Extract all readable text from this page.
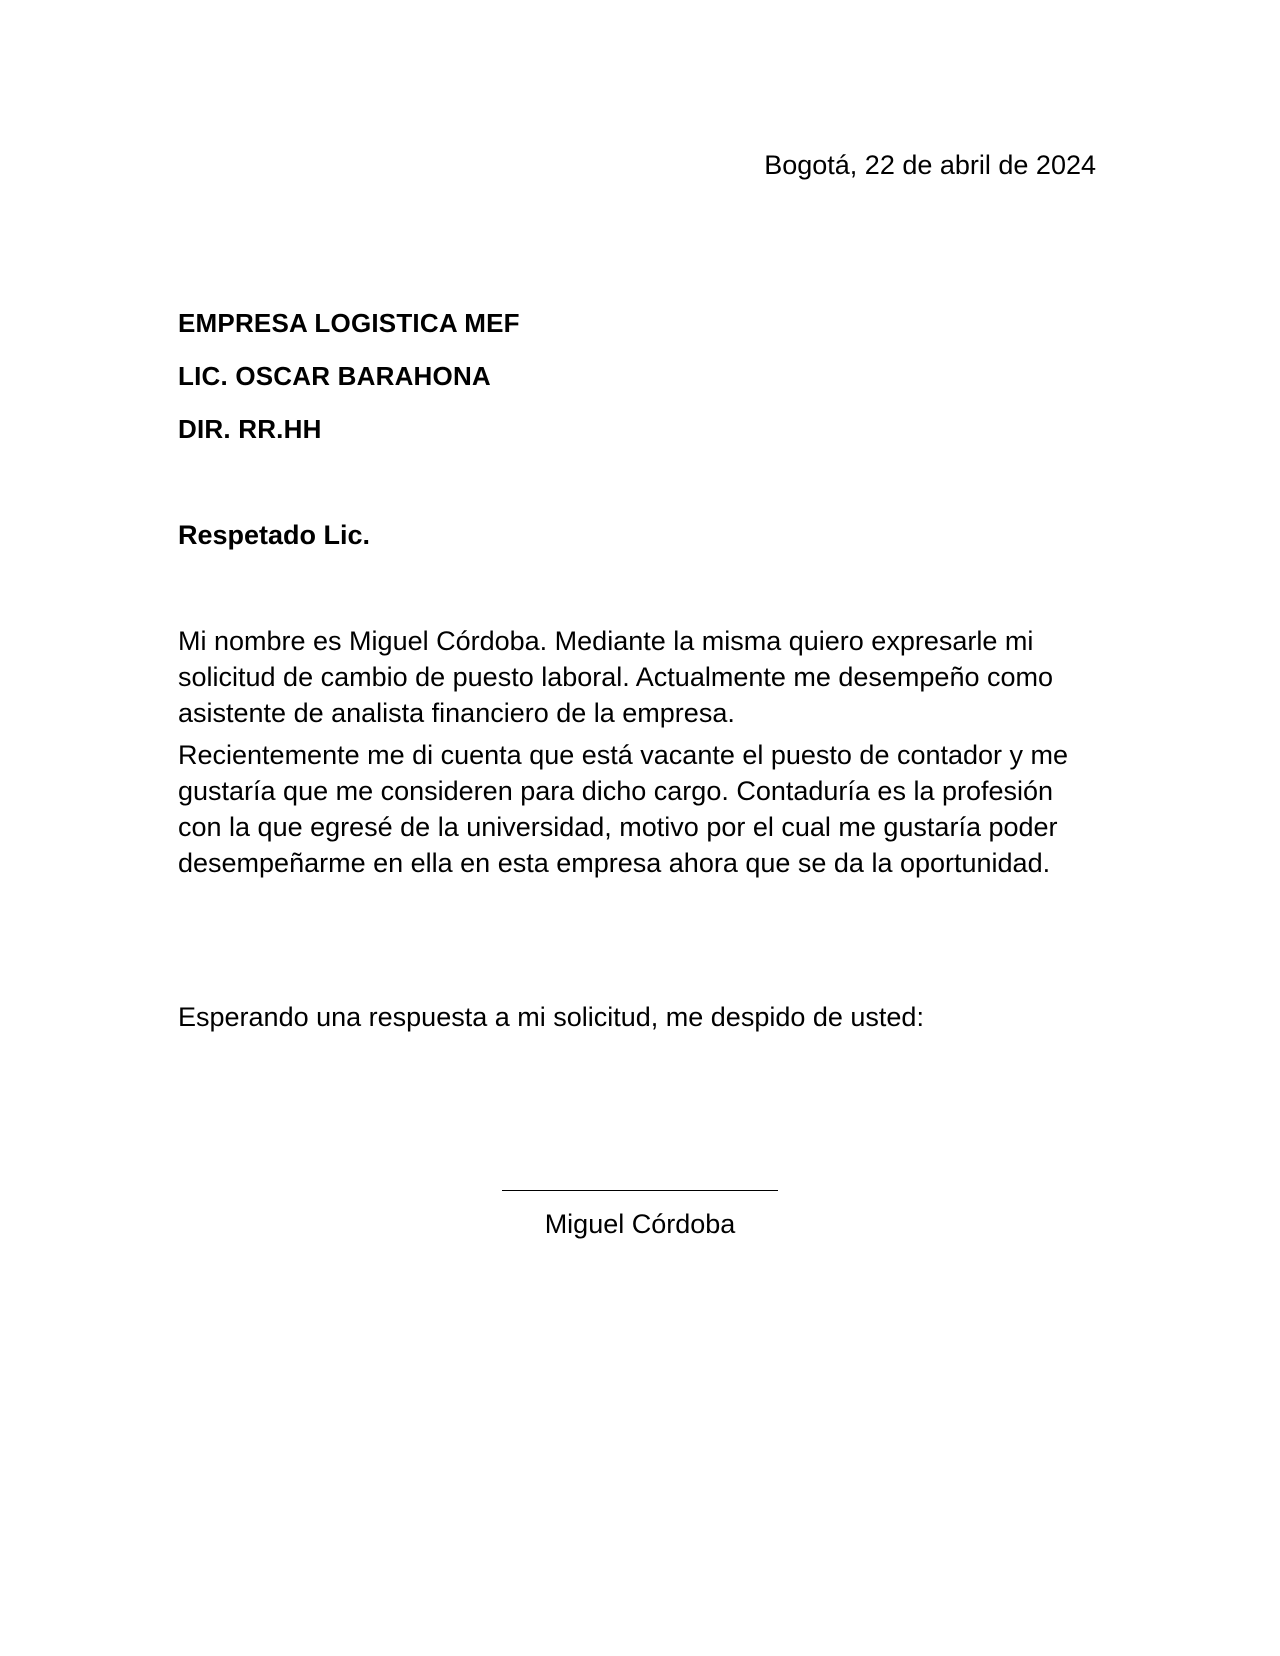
Bogotá, 22 de abril de 2024
EMPRESA LOGISTICA MEF
LIC. OSCAR BARAHONA
DIR. RR.HH
Respetado Lic.

Mi nombre es Miguel Córdoba. Mediante la misma quiero expresarle mi solicitud de cambio de puesto laboral. Actualmente me desempeño como asistente de analista financiero de la empresa.

Recientemente me di cuenta que está vacante el puesto de contador y me gustaría que me consideren para dicho cargo. Contaduría es la profesión con la que egresé de la universidad, motivo por el cual me gustaría poder desempeñarme en ella en esta empresa ahora que se da la oportunidad.

Esperando una respuesta a mi solicitud, me despido de usted:
Miguel Córdoba
